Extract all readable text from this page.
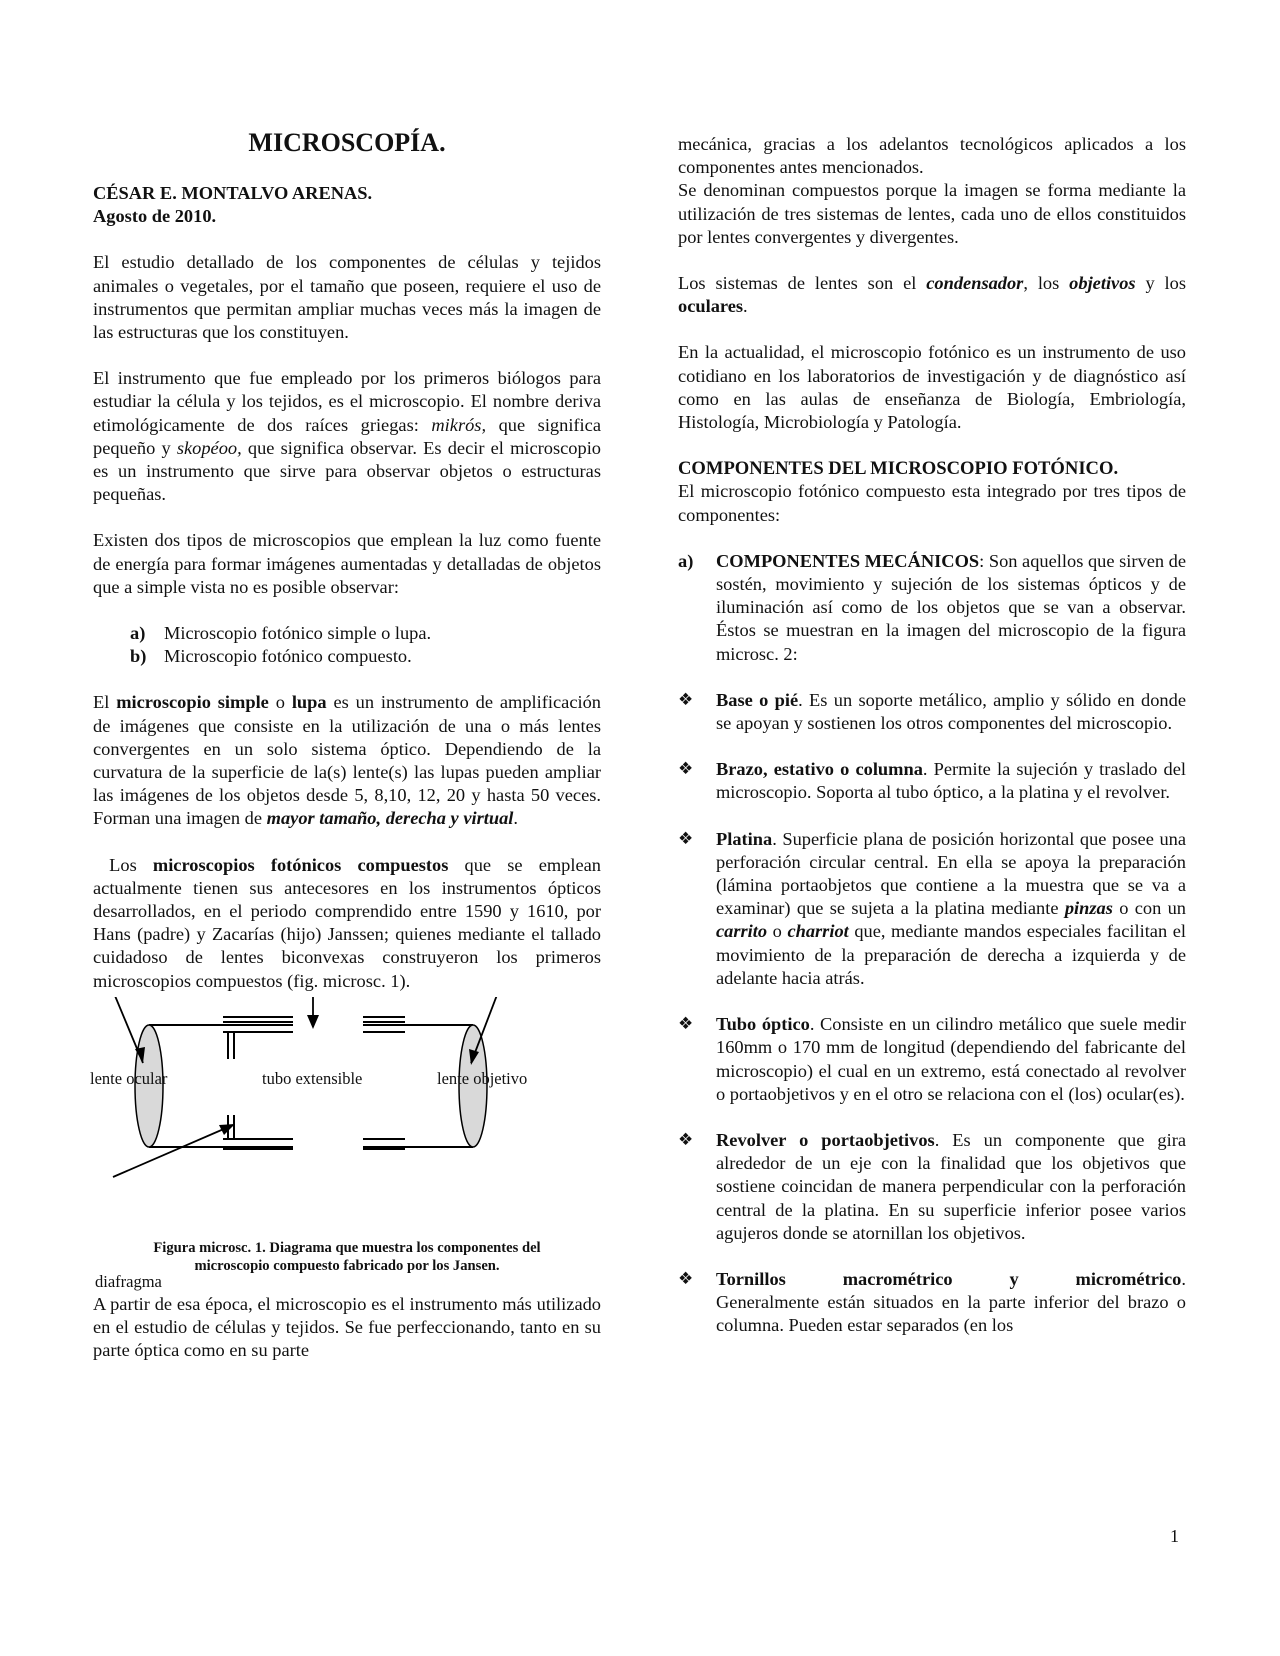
MICROSCOPÍA.
CÉSAR E. MONTALVO ARENAS.
Agosto de 2010.

El estudio detallado de los componentes de células y tejidos animales o vegetales, por el tamaño que poseen, requiere el uso de instrumentos que permitan ampliar muchas veces más la imagen de las estructuras que los constituyen.

El instrumento que fue empleado por los primeros biólogos para estudiar la célula y los tejidos, es el microscopio. El nombre deriva etimológicamente de dos raíces griegas: mikrós, que significa pequeño y skopéoo, que significa observar. Es decir el microscopio es un instrumento que sirve para observar objetos o estructuras pequeñas.

Existen dos tipos de microscopios que emplean la luz como fuente de energía para formar imágenes aumentadas y detalladas de objetos que a simple vista no es posible observar:

a) Microscopio fotónico simple o lupa.
b) Microscopio fotónico compuesto.

El microscopio simple o lupa es un instrumento de amplificación de imágenes que consiste en la utilización de una o más lentes convergentes en un solo sistema óptico. Dependiendo de la curvatura de la superficie de la(s) lente(s) las lupas pueden ampliar las imágenes de los objetos desde 5, 8,10, 12, 20 y hasta 50 veces. Forman una imagen de mayor tamaño, derecha y virtual.

Los microscopios fotónicos compuestos que se emplean actualmente tienen sus antecesores en los instrumentos ópticos desarrollados, en el periodo comprendido entre 1590 y 1610, por Hans (padre) y Zacarías (hijo) Janssen; quienes mediante el tallado cuidadoso de lentes biconvexas construyeron los primeros microscopios compuestos (fig. microsc. 1).

Figura microsc. 1. Diagrama que muestra los componentes del
microscopio compuesto fabricado por los Jansen.

A partir de esa época, el microscopio es el instrumento más utilizado en el estudio de células y tejidos. Se fue perfeccionando, tanto en su parte óptica como en su parte

lente ocular	tubo extensible	lente objetivo
diafragma

mecánica, gracias a los adelantos tecnológicos aplicados a los componentes antes mencionados.

Se denominan compuestos porque la imagen se forma mediante la utilización de tres sistemas de lentes, cada uno de ellos constituidos por lentes convergentes y divergentes.

Los sistemas de lentes son el condensador, los objetivos y los oculares.

En la actualidad, el microscopio fotónico es un instrumento de uso cotidiano en los laboratorios de investigación y de diagnóstico así como en las aulas de enseñanza de Biología, Embriología, Histología, Microbiología y Patología.

COMPONENTES DEL MICROSCOPIO FOTÓNICO.

El microscopio fotónico compuesto esta integrado por tres tipos de componentes:

a) COMPONENTES MECÁNICOS: Son aquellos que sirven de sostén, movimiento y sujeción de los sistemas ópticos y de iluminación así como de los objetos que se van a observar. Éstos se muestran en la imagen del microscopio de la figura microsc. 2:

❖ Base o pié. Es un soporte metálico, amplio y sólido en donde se apoyan y sostienen los otros componentes del microscopio.

❖ Brazo, estativo o columna. Permite la sujeción y traslado del microscopio. Soporta al tubo óptico, a la platina y el revolver.

❖ Platina. Superficie plana de posición horizontal que posee una perforación circular central. En ella se apoya la preparación (lámina portaobjetos que contiene a la muestra que se va a examinar) que se sujeta a la platina mediante pinzas o con un carrito o charriot que, mediante mandos especiales facilitan el movimiento de la preparación de derecha a izquierda y de adelante hacia atrás.

❖ Tubo óptico. Consiste en un cilindro metálico que suele medir 160mm o 170 mm de longitud (dependiendo del fabricante del microscopio) el cual en un extremo, está conectado al revolver o portaobjetivos y en el otro se relaciona con el (los) ocular(es).

❖ Revolver o portaobjetivos. Es un componente que gira alrededor de un eje con la finalidad que los objetivos que sostiene coincidan de manera perpendicular con la perforación central de la platina. En su superficie inferior posee varios agujeros donde se atornillan los objetivos.

❖ Tornillos	macrométrico	y	micrométrico.

Generalmente están situados en la parte inferior del brazo o columna. Pueden estar separados (en los

1
